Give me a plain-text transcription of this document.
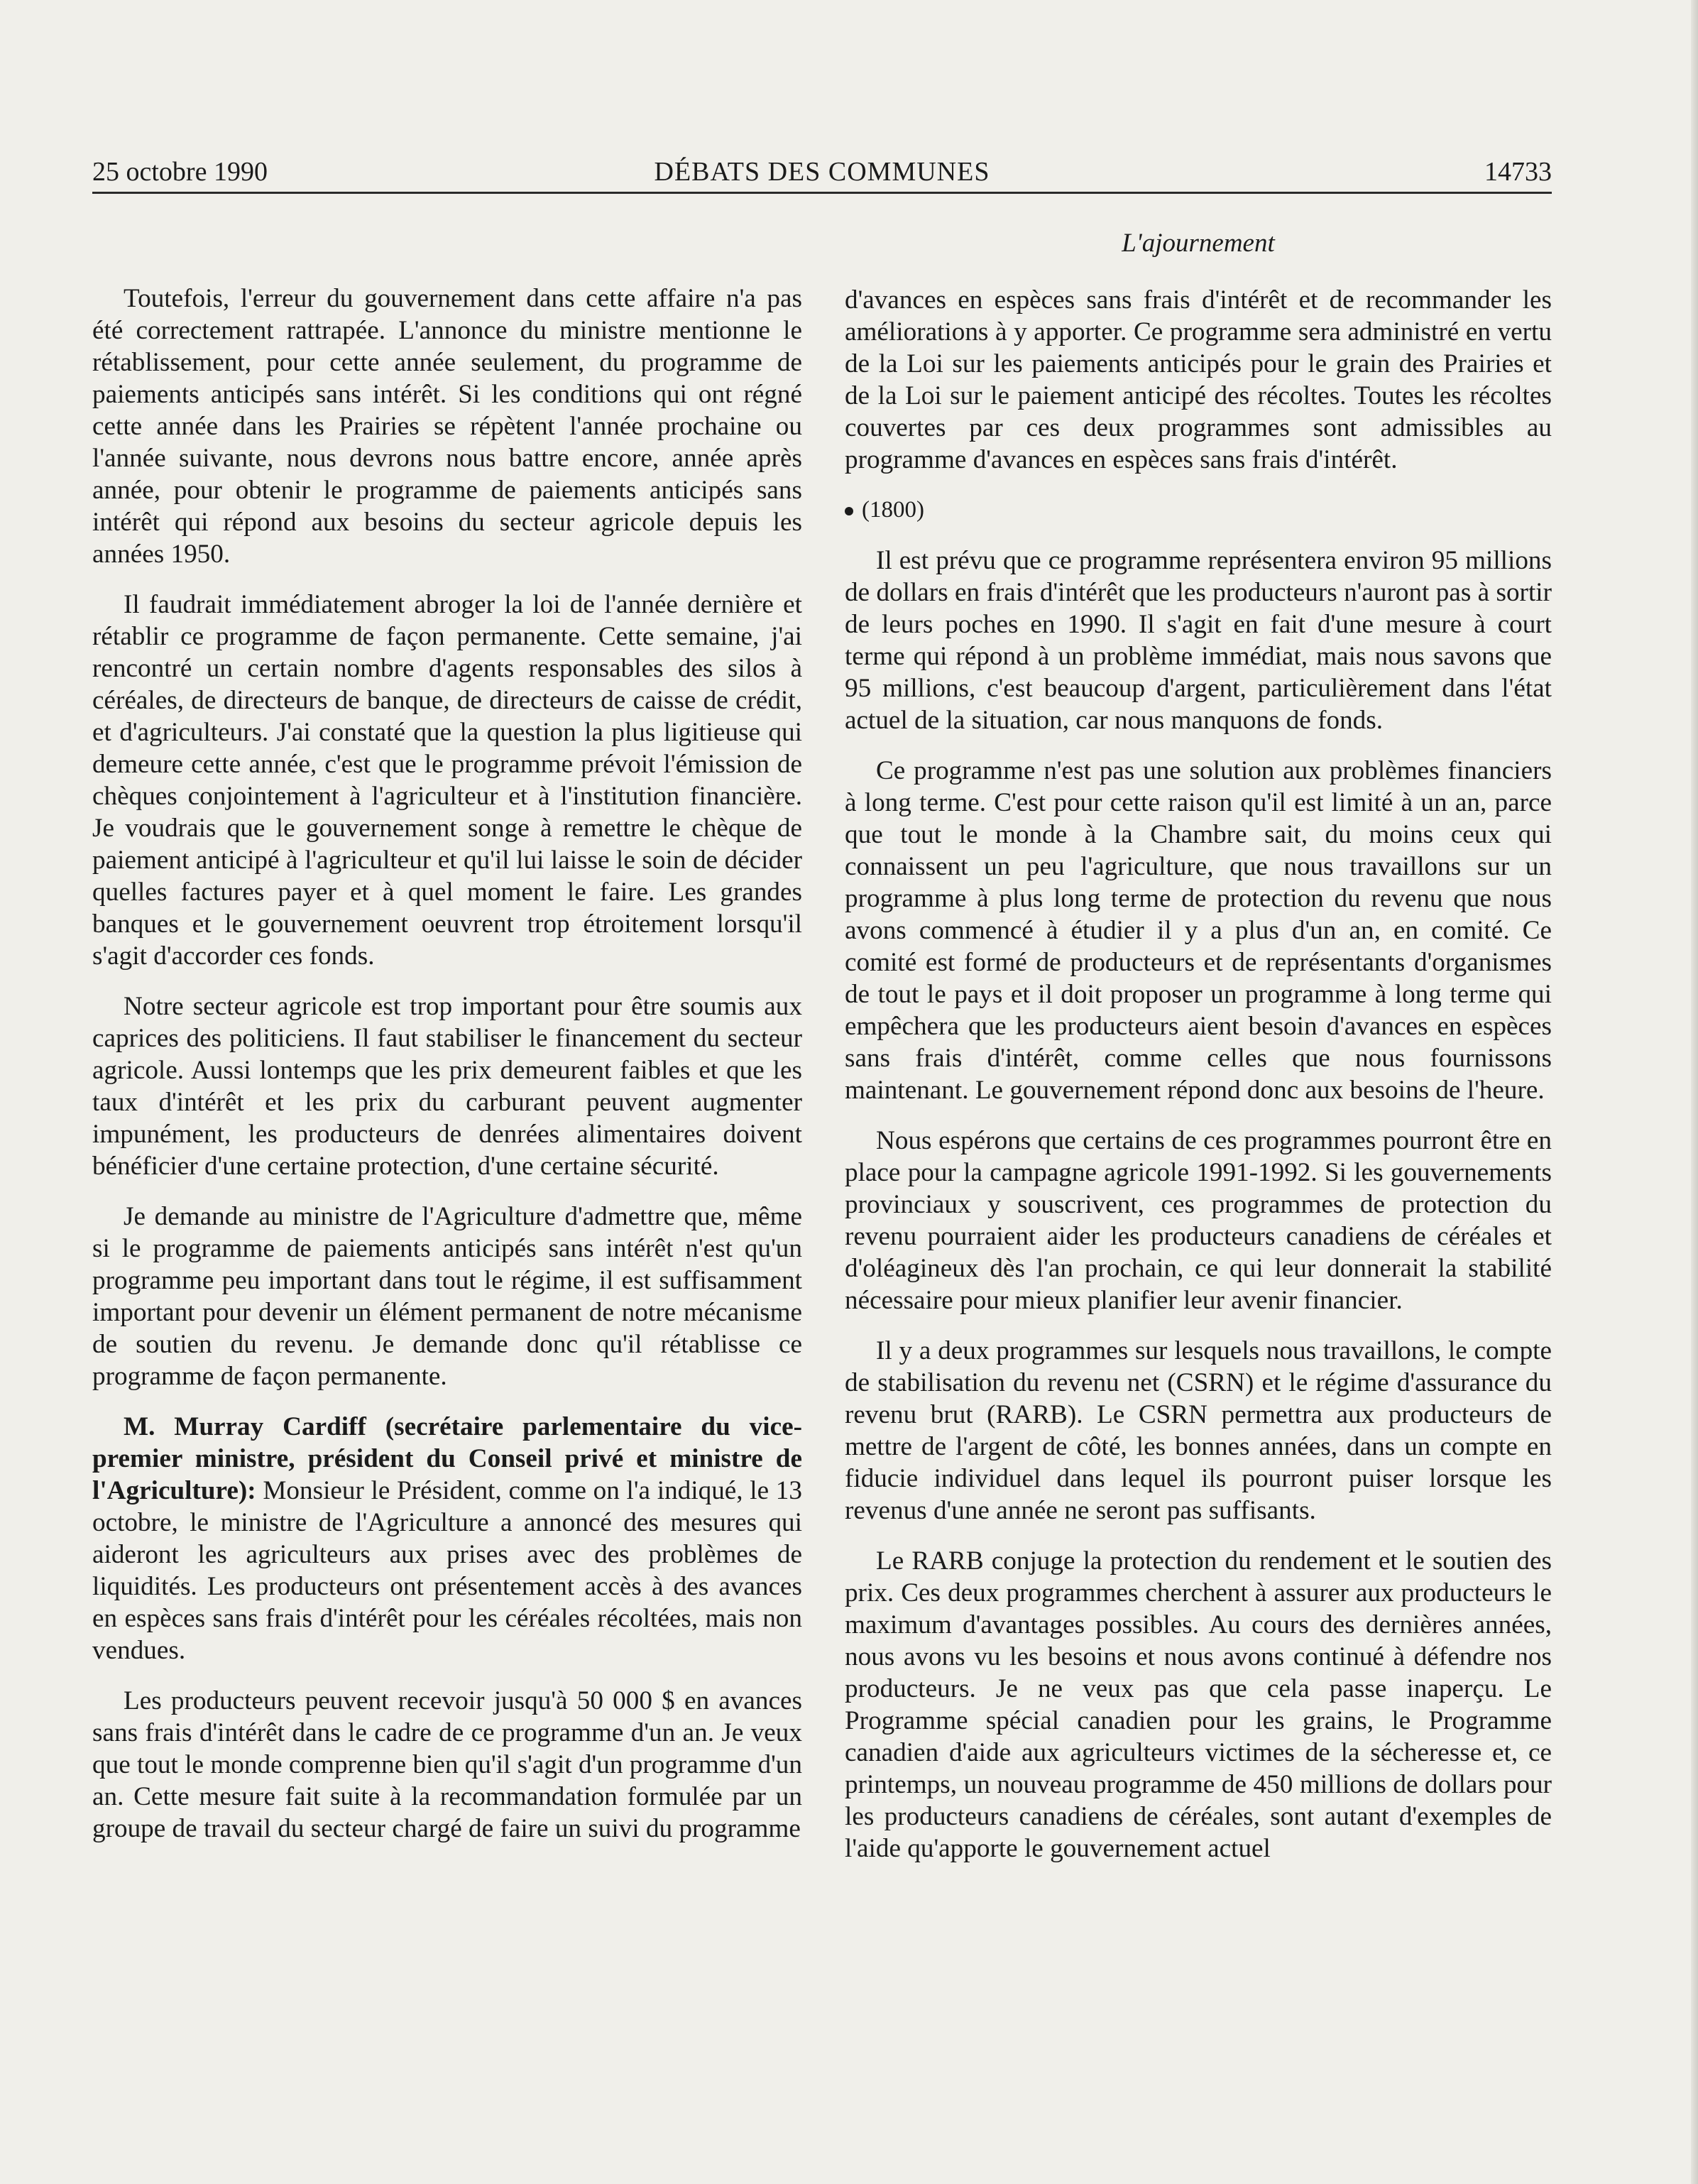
25 octobre 1990	DÉBATS DES COMMUNES	14733
L'ajournement

Toutefois, l'erreur du gouvernement dans cette affaire n'a pas été correctement rattrapée. L'annonce du ministre mentionne le rétablissement, pour cette année seulement, du programme de paiements anticipés sans intérêt. Si les conditions qui ont régné cette année dans les Prairies se répètent l'année prochaine ou l'année suivante, nous devrons nous battre encore, année après année, pour obtenir le programme de paiements anticipés sans intérêt qui répond aux besoins du secteur agricole depuis les années 1950.

Il faudrait immédiatement abroger la loi de l'année dernière et rétablir ce programme de façon permanente. Cette semaine, j'ai rencontré un certain nombre d'agents responsables des silos à céréales, de directeurs de banque, de directeurs de caisse de crédit, et d'agriculteurs. J'ai constaté que la question la plus ligitieuse qui demeure cette année, c'est que le programme prévoit l'émission de chèques conjointement à l'agriculteur et à l'institution financière. Je voudrais que le gouvernement songe à remettre le chèque de paiement anticipé à l'agriculteur et qu'il lui laisse le soin de décider quelles factures payer et à quel moment le faire. Les grandes banques et le gouvernement oeuvrent trop étroitement lorsqu'il s'agit d'accorder ces fonds.

Notre secteur agricole est trop important pour être soumis aux caprices des politiciens. Il faut stabiliser le financement du secteur agricole. Aussi lontemps que les prix demeurent faibles et que les taux d'intérêt et les prix du carburant peuvent augmenter impunément, les producteurs de denrées alimentaires doivent bénéficier d'une certaine protection, d'une certaine sécurité.

Je demande au ministre de l'Agriculture d'admettre que, même si le programme de paiements anticipés sans intérêt n'est qu'un programme peu important dans tout le régime, il est suffisamment important pour devenir un élément permanent de notre mécanisme de soutien du revenu. Je demande donc qu'il rétablisse ce programme de façon permanente.

M. Murray Cardiff (secrétaire parlementaire du vice-premier ministre, président du Conseil privé et ministre de l'Agriculture): Monsieur le Président, comme on l'a indiqué, le 13 octobre, le ministre de l'Agriculture a annoncé des mesures qui aideront les agriculteurs aux prises avec des problèmes de liquidités. Les producteurs ont présentement accès à des avances en espèces sans frais d'intérêt pour les céréales récoltées, mais non vendues.

Les producteurs peuvent recevoir jusqu'à 50 000 $ en avances sans frais d'intérêt dans le cadre de ce programme d'un an. Je veux que tout le monde comprenne bien qu'il s'agit d'un programme d'un an. Cette mesure fait suite à la recommandation formulée par un groupe de travail du secteur chargé de faire un suivi du programme

d'avances en espèces sans frais d'intérêt et de recommander les améliorations à y apporter. Ce programme sera administré en vertu de la Loi sur les paiements anticipés pour le grain des Prairies et de la Loi sur le paiement anticipé des récoltes. Toutes les récoltes couvertes par ces deux programmes sont admissibles au programme d'avances en espèces sans frais d'intérêt.

(1800)

Il est prévu que ce programme représentera environ 95 millions de dollars en frais d'intérêt que les producteurs n'auront pas à sortir de leurs poches en 1990. Il s'agit en fait d'une mesure à court terme qui répond à un problème immédiat, mais nous savons que 95 millions, c'est beaucoup d'argent, particulièrement dans l'état actuel de la situation, car nous manquons de fonds.

Ce programme n'est pas une solution aux problèmes financiers à long terme. C'est pour cette raison qu'il est limité à un an, parce que tout le monde à la Chambre sait, du moins ceux qui connaissent un peu l'agriculture, que nous travaillons sur un programme à plus long terme de protection du revenu que nous avons commencé à étudier il y a plus d'un an, en comité. Ce comité est formé de producteurs et de représentants d'organismes de tout le pays et il doit proposer un programme à long terme qui empêchera que les producteurs aient besoin d'avances en espèces sans frais d'intérêt, comme celles que nous fournissons maintenant. Le gouvernement répond donc aux besoins de l'heure.

Nous espérons que certains de ces programmes pourront être en place pour la campagne agricole 1991-1992. Si les gouvernements provinciaux y souscrivent, ces programmes de protection du revenu pourraient aider les producteurs canadiens de céréales et d'oléagineux dès l'an prochain, ce qui leur donnerait la stabilité nécessaire pour mieux planifier leur avenir financier.

Il y a deux programmes sur lesquels nous travaillons, le compte de stabilisation du revenu net (CSRN) et le régime d'assurance du revenu brut (RARB). Le CSRN permettra aux producteurs de mettre de l'argent de côté, les bonnes années, dans un compte en fiducie individuel dans lequel ils pourront puiser lorsque les revenus d'une année ne seront pas suffisants.

Le RARB conjuge la protection du rendement et le soutien des prix. Ces deux programmes cherchent à assurer aux producteurs le maximum d'avantages possibles. Au cours des dernières années, nous avons vu les besoins et nous avons continué à défendre nos producteurs. Je ne veux pas que cela passe inaperçu. Le Programme spécial canadien pour les grains, le Programme canadien d'aide aux agriculteurs victimes de la sécheresse et, ce printemps, un nouveau programme de 450 millions de dollars pour les producteurs canadiens de céréales, sont autant d'exemples de l'aide qu'apporte le gouvernement actuel
